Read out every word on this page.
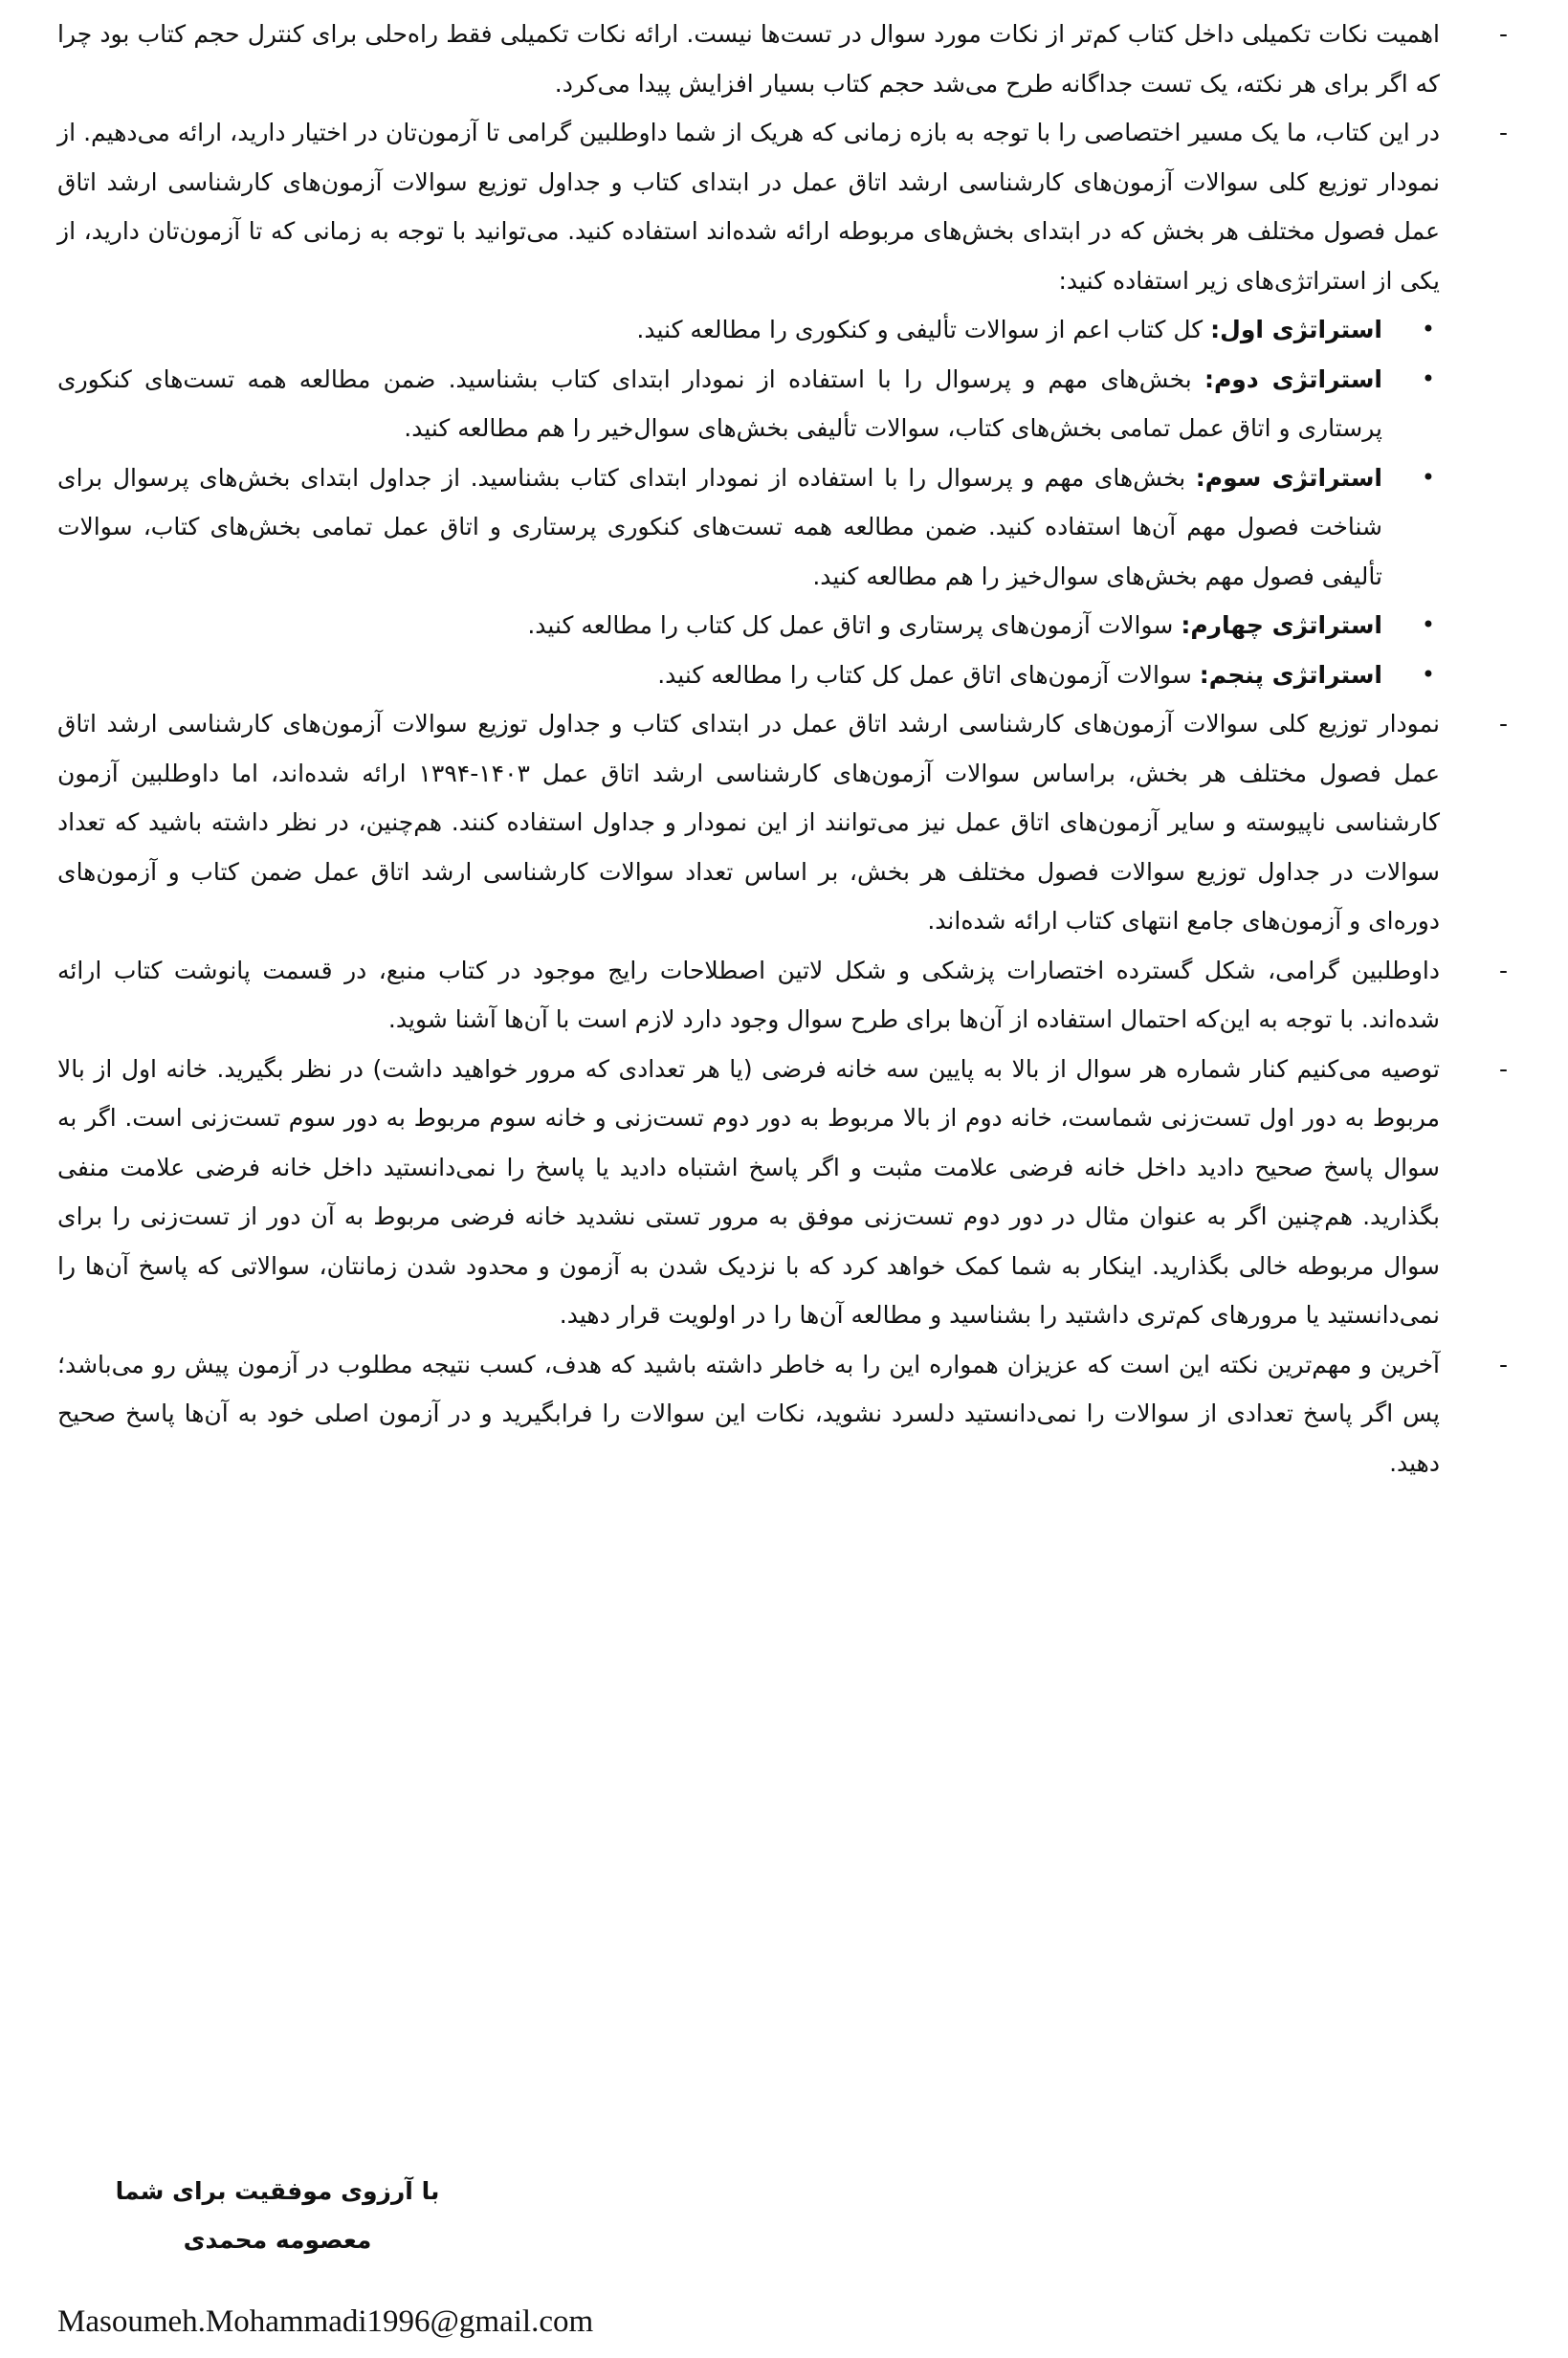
-
اهمیت نکات تکمیلی داخل کتاب کم‌تر از نکات مورد سوال در تست‌ها نیست. ارائه نکات تکمیلی فقط راه‌حلی برای کنترل حجم کتاب بود چرا که اگر برای هر نکته، یک تست جداگانه طرح می‌شد حجم کتاب بسیار افزایش پیدا می‌کرد.
-
در این کتاب، ما یک مسیر اختصاصی را با توجه به بازه زمانی که هریک از شما داوطلبین گرامی تا آزمون‌تان در اختیار دارید، ارائه می‌دهیم. از نمودار توزیع کلی سوالات آزمون‌های کارشناسی ارشد اتاق عمل در ابتدای کتاب و جداول توزیع سوالات آزمون‌های کارشناسی ارشد اتاق عمل فصول مختلف هر بخش که در ابتدای بخش‌های مربوطه ارائه شده‌اند استفاده کنید. می‌توانید با توجه به زمانی که تا آزمون‌تان دارید، از یکی از استراتژی‌های زیر استفاده کنید:
•
استراتژی اول: کل کتاب اعم از سوالات تألیفی و کنکوری را مطالعه کنید.
•
استراتژی دوم: بخش‌های مهم و پرسوال را با استفاده از نمودار ابتدای کتاب بشناسید. ضمن مطالعه همه تست‌های کنکوری پرستاری و اتاق عمل تمامی بخش‌های کتاب، سوالات تألیفی بخش‌های سوال‌خیر را هم مطالعه کنید.
•
استراتژی سوم: بخش‌های مهم و پرسوال را با استفاده از نمودار ابتدای کتاب بشناسید. از جداول ابتدای بخش‌های پرسوال برای شناخت فصول مهم آن‌ها استفاده کنید. ضمن مطالعه همه تست‌های کنکوری پرستاری و اتاق عمل تمامی بخش‌های کتاب، سوالات تألیفی فصول مهم بخش‌های سوال‌خیز را هم مطالعه کنید.
•
استراتژی چهارم: سوالات آزمون‌های پرستاری و اتاق عمل کل کتاب را مطالعه کنید.
•
استراتژی پنجم: سوالات آزمون‌های اتاق عمل کل کتاب را مطالعه کنید.
-
نمودار توزیع کلی سوالات آزمون‌های کارشناسی ارشد اتاق عمل در ابتدای کتاب و جداول توزیع سوالات آزمون‌های کارشناسی ارشد اتاق عمل فصول مختلف هر بخش، براساس سوالات آزمون‌های کارشناسی ارشد اتاق عمل ۱۴۰۳-۱۳۹۴ ارائه شده‌اند، اما داوطلبین آزمون کارشناسی ناپیوسته و سایر آزمون‌های اتاق عمل نیز می‌توانند از این نمودار و جداول استفاده کنند. هم‌چنین، در نظر داشته باشید که تعداد سوالات در جداول توزیع سوالات فصول مختلف هر بخش، بر اساس تعداد سوالات کارشناسی ارشد اتاق عمل ضمن کتاب و آزمون‌های دوره‌ای و آزمون‌های جامع انتهای کتاب ارائه شده‌اند.
-
داوطلبین گرامی، شکل گسترده اختصارات پزشکی و شکل لاتین اصطلاحات رایج موجود در کتاب منبع، در قسمت پانوشت کتاب ارائه شده‌اند. با توجه به این‌که احتمال استفاده از آن‌ها برای طرح سوال وجود دارد لازم است با آن‌ها آشنا شوید.
-
توصیه می‌کنیم کنار شماره هر سوال از بالا به پایین سه خانه فرضی (یا هر تعدادی که مرور خواهید داشت) در نظر بگیرید. خانه اول از بالا مربوط به دور اول تست‌زنی شماست، خانه دوم از بالا مربوط به دور دوم تست‌زنی و خانه سوم مربوط به دور سوم تست‌زنی است. اگر به سوال پاسخ صحیح دادید داخل خانه فرضی علامت مثبت و اگر پاسخ اشتباه دادید یا پاسخ را نمی‌دانستید داخل خانه فرضی علامت منفی بگذارید. هم‌چنین اگر به عنوان مثال در دور دوم تست‌زنی موفق به مرور تستی نشدید خانه فرضی مربوط به آن دور از تست‌زنی را برای سوال مربوطه خالی بگذارید. اینکار به شما کمک خواهد کرد که با نزدیک شدن به آزمون و محدود شدن زمانتان، سوالاتی که پاسخ آن‌ها را نمی‌دانستید یا مرورهای کم‌تری داشتید را بشناسید و مطالعه آن‌ها را در اولویت قرار دهید.
-
آخرین و مهم‌ترین نکته این است که عزیزان همواره این را به خاطر داشته باشید که هدف، کسب نتیجه مطلوب در آزمون پیش رو می‌باشد؛ پس اگر پاسخ تعدادی از سوالات را نمی‌دانستید دلسرد نشوید، نکات این سوالات را فرابگیرید و در آزمون اصلی خود به آن‌ها پاسخ صحیح دهید.
با آرزوی موفقیت برای شما
معصومه محمدی
Masoumeh.Mohammadi1996@gmail.com
